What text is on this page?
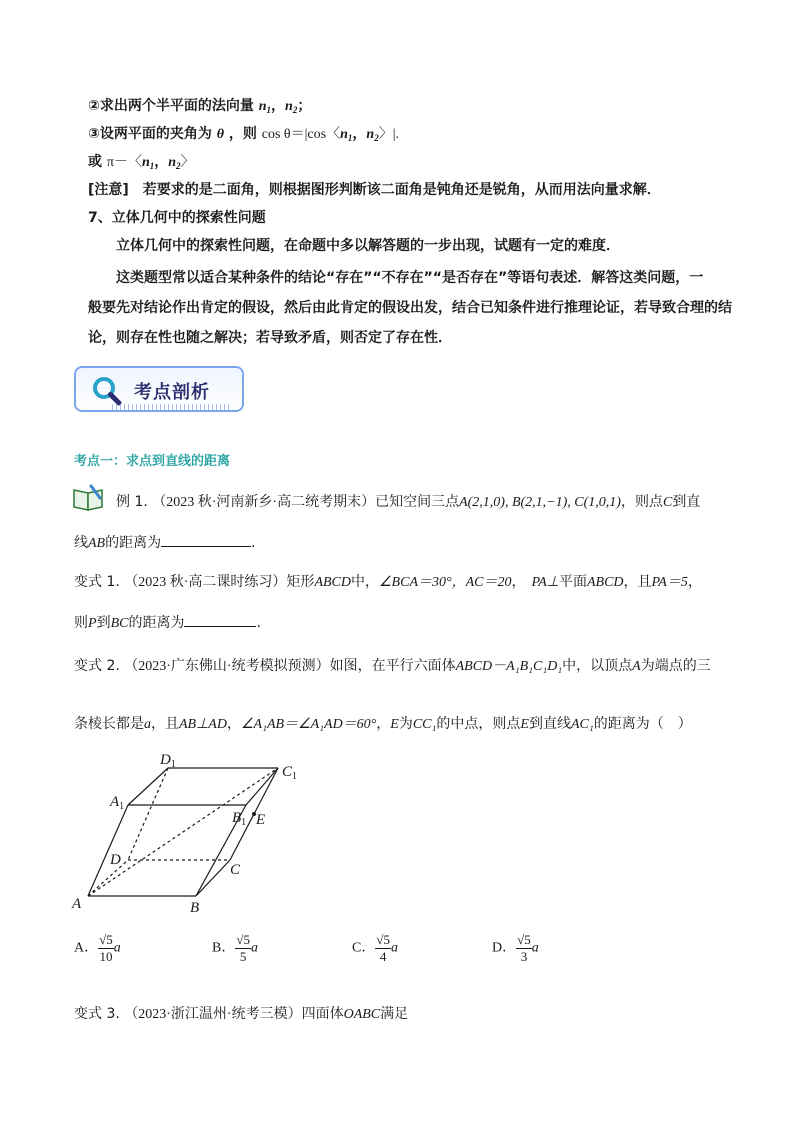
②求出两个半平面的法向量 $n_1$，$n_2$；
③设两平面的夹角为 θ ，则 cos θ＝|cos〈$n_1$，$n_2$〉|.
或 π－〈$n_1$，$n_2$〉
[注意]　若要求的是二面角，则根据图形判断该二面角是钝角还是锐角，从而用法向量求解．
7、立体几何中的探索性问题
立体几何中的探索性问题，在命题中多以解答题的一步出现，试题有一定的难度．
这类题型常以适合某种条件的结论“存在”“不存在”“是否存在”等语句表述．解答这类问题，一
般要先对结论作出肯定的假设，然后由此肯定的假设出发，结合已知条件进行推理论证，若导致合理的结
论，则存在性也随之解决；若导致矛盾，则否定了存在性．
考点剖析
考点一：求点到直线的距离
例 1. （2023 秋·河南新乡·高二统考期末）已知空间三点A(2,1,0), B(2,1,−1), C(1,0,1)，则点C到直
线AB的距离为	.
变式 1. （2023 秋·高二课时练习）矩形ABCD中，∠BCA＝30°，AC＝20， PA⊥平面ABCD，且PA＝5，
则P到BC的距离为	.
变式 2. （2023·广东佛山·统考模拟预测）如图，在平行六面体ABCD－A₁B₁C₁D₁中，以顶点A为端点的三
条棱长都是a，且AB⊥AD，∠A₁AB＝∠A₁AD＝60°，E为CC₁的中点，则点E到直线AC₁的距离为（　）
$D_1$	$C_1$
$A_1$
$B_1$ E
D
C
A	B
A． $\frac{√5}{10}$ a	B． $\frac{√5}{5}$ a	C． $\frac{√5}{4}$ a	D． $\frac{√5}{3}$ a
变式 3. （2023·浙江温州·统考三模）四面体OABC满足
